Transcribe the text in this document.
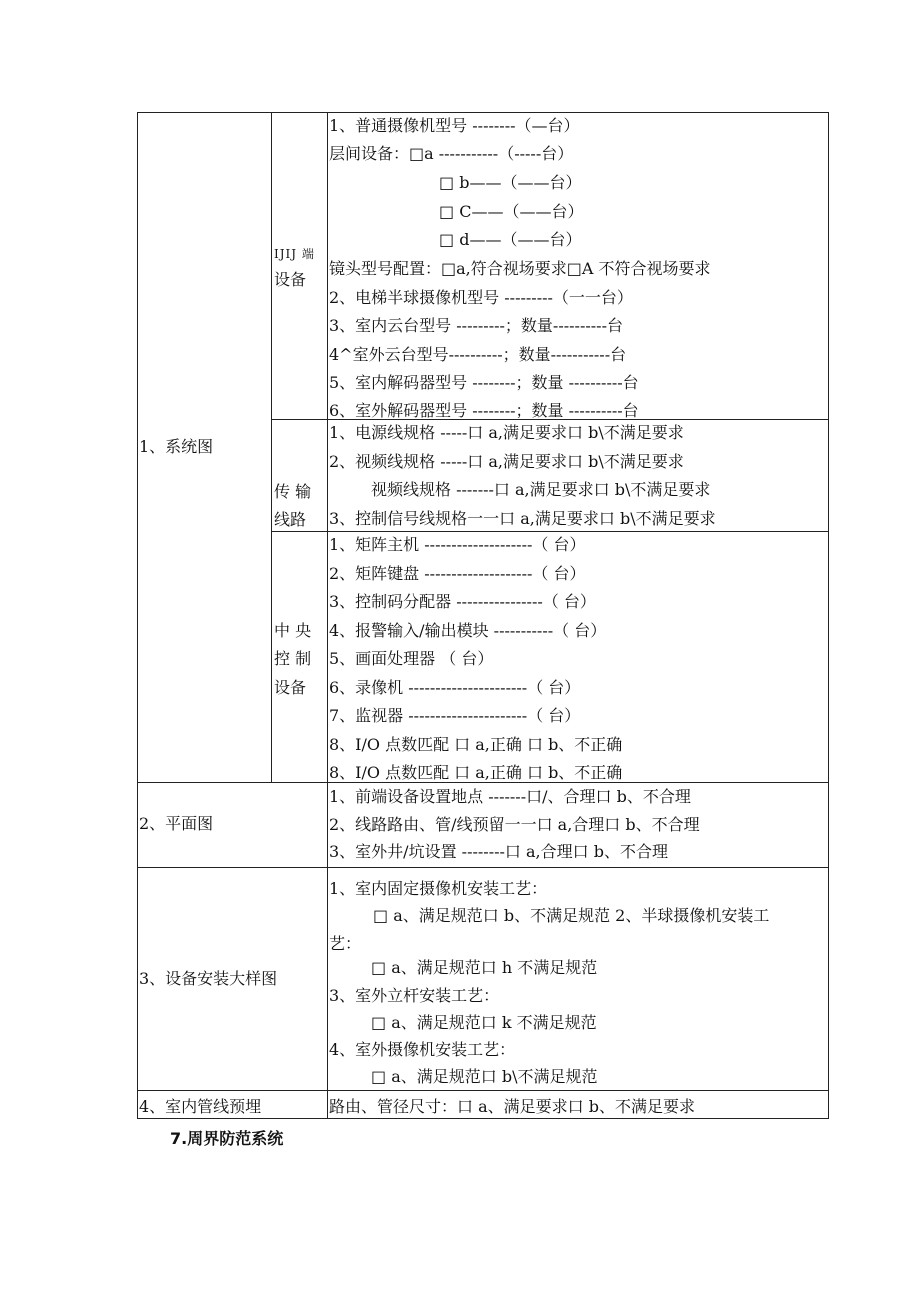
1、系统图
IJIJ 端
设备
1、普通摄像机型号 --------（—台）
层间设备：□a -----------（-----台）
□ b——（——台）
□ C——（——台）
□ d——（——台）
镜头型号配置：□a,符合视场要求□A 不符合视场要求
2、电梯半球摄像机型号 ---------（一一台）
3、室内云台型号 ---------；数量----------台
4^室外云台型号----------；数量-----------台
5、室内解码器型号 --------；数量 ----------台
6、室外解码器型号 --------；数量 ----------台
传 输
线路
1、电源线规格 -----口 a,满足要求口 b\不满足要求
2、视频线规格 -----口 a,满足要求口 b\不满足要求
视频线规格 -------口 a,满足要求口 b\不满足要求
3、控制信号线规格一一口 a,满足要求口 b\不满足要求
中 央
控 制
设备
1、矩阵主机 --------------------（ 台）
2、矩阵键盘 --------------------（ 台）
3、控制码分配器 ----------------（ 台）
4、报警输入/输出模块 -----------（ 台）
5、画面处理器 （ 台）
6、录像机 ----------------------（ 台）
7、监视器 ----------------------（ 台）
8、I/O 点数匹配 口 a,正确 口 b、不正确
8、I/O 点数匹配 口 a,正确 口 b、不正确
2、平面图
1、前端设备设置地点 -------口/、合理口 b、不合理
2、线路路由、管/线预留一一口 a,合理口 b、不合理
3、室外井/坑设置 --------口 a,合理口 b、不合理
3、设备安装大样图
1、室内固定摄像机安装工艺：
□ a、满足规范口 b、不满足规范 2、半球摄像机安装工
艺：
□ a、满足规范口 h 不满足规范
3、室外立杆安装工艺：
□ a、满足规范口 k 不满足规范
4、室外摄像机安装工艺：
□ a、满足规范口 b\不满足规范
4、室内管线预埋	路由、管径尺寸：口 a、满足要求口 b、不满足要求
7.周界防范系统
